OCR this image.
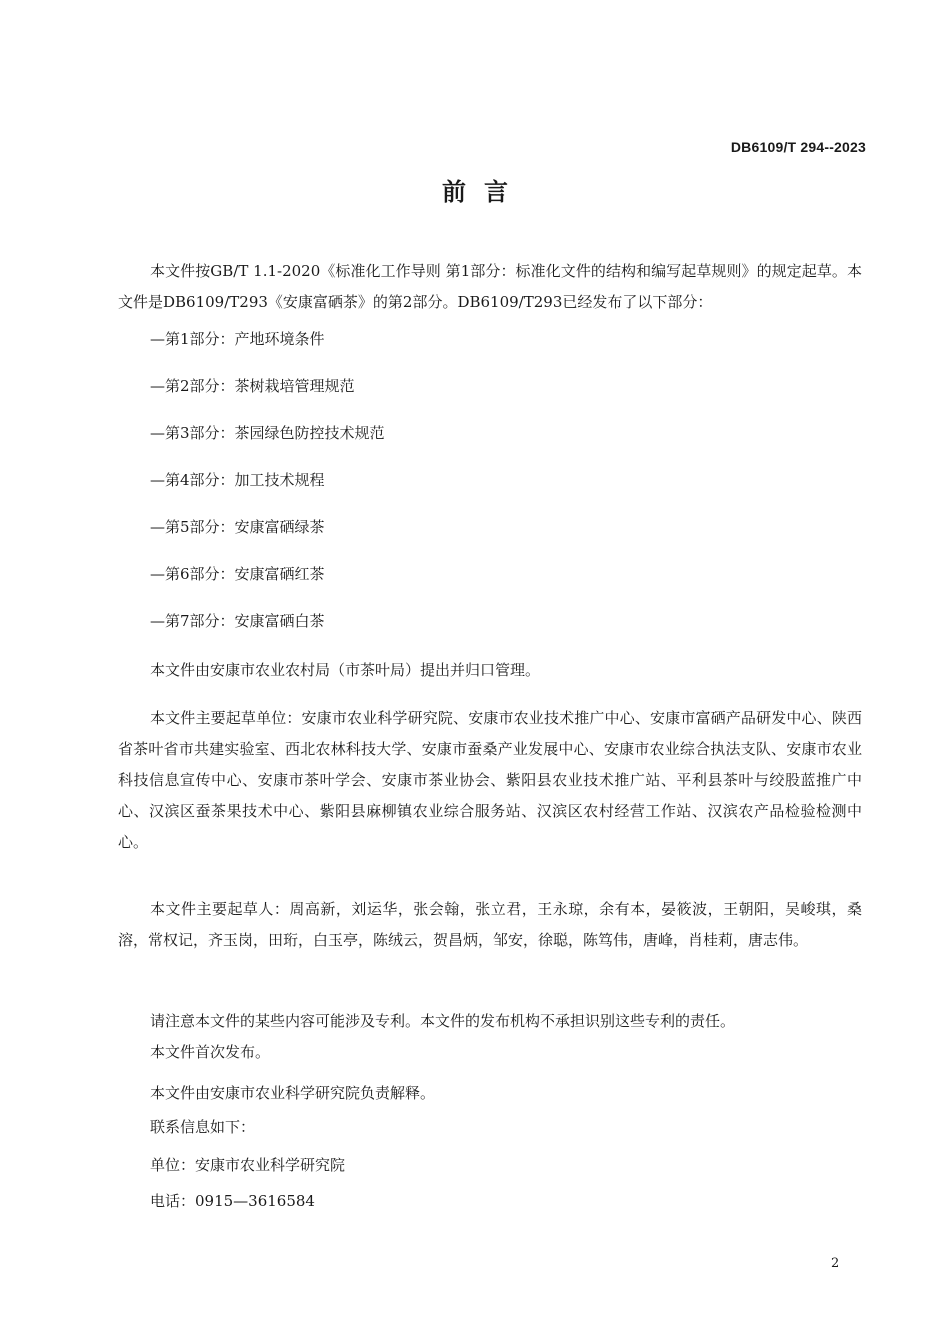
DB6109/T 294--2023
前言

本文件按GB/T 1.1-2020《标准化工作导则 第1部分：标准化文件的结构和编写起草规则》的规定起草。本文件是DB6109/T293《安康富硒茶》的第2部分。DB6109/T293已经发布了以下部分：

—第1部分：产地环境条件

—第2部分：茶树栽培管理规范

—第3部分：茶园绿色防控技术规范

—第4部分：加工技术规程

—第5部分：安康富硒绿茶

—第6部分：安康富硒红茶

—第7部分：安康富硒白茶

本文件由安康市农业农村局（市茶叶局）提出并归口管理。

本文件主要起草单位：安康市农业科学研究院、安康市农业技术推广中心、安康市富硒产品研发中心、陕西省茶叶省市共建实验室、西北农林科技大学、安康市蚕桑产业发展中心、安康市农业综合执法支队、安康市农业科技信息宣传中心、安康市茶叶学会、安康市茶业协会、紫阳县农业技术推广站、平利县茶叶与绞股蓝推广中心、汉滨区蚕茶果技术中心、紫阳县麻柳镇农业综合服务站、汉滨区农村经营工作站、汉滨农产品检验检测中心。

本文件主要起草人：周高新，刘运华，张会翰，张立君，王永琼，余有本，晏筱波，王朝阳，吴峻琪，桑溶，常权记，齐玉岗，田珩，白玉亭，陈绒云，贺昌炳，邹安，徐聪，陈笃伟，唐峰，肖桂莉，唐志伟。

请注意本文件的某些内容可能涉及专利。本文件的发布机构不承担识别这些专利的责任。

本文件首次发布。

本文件由安康市农业科学研究院负责解释。

联系信息如下：

单位：安康市农业科学研究院

电话：0915—3616584

2
